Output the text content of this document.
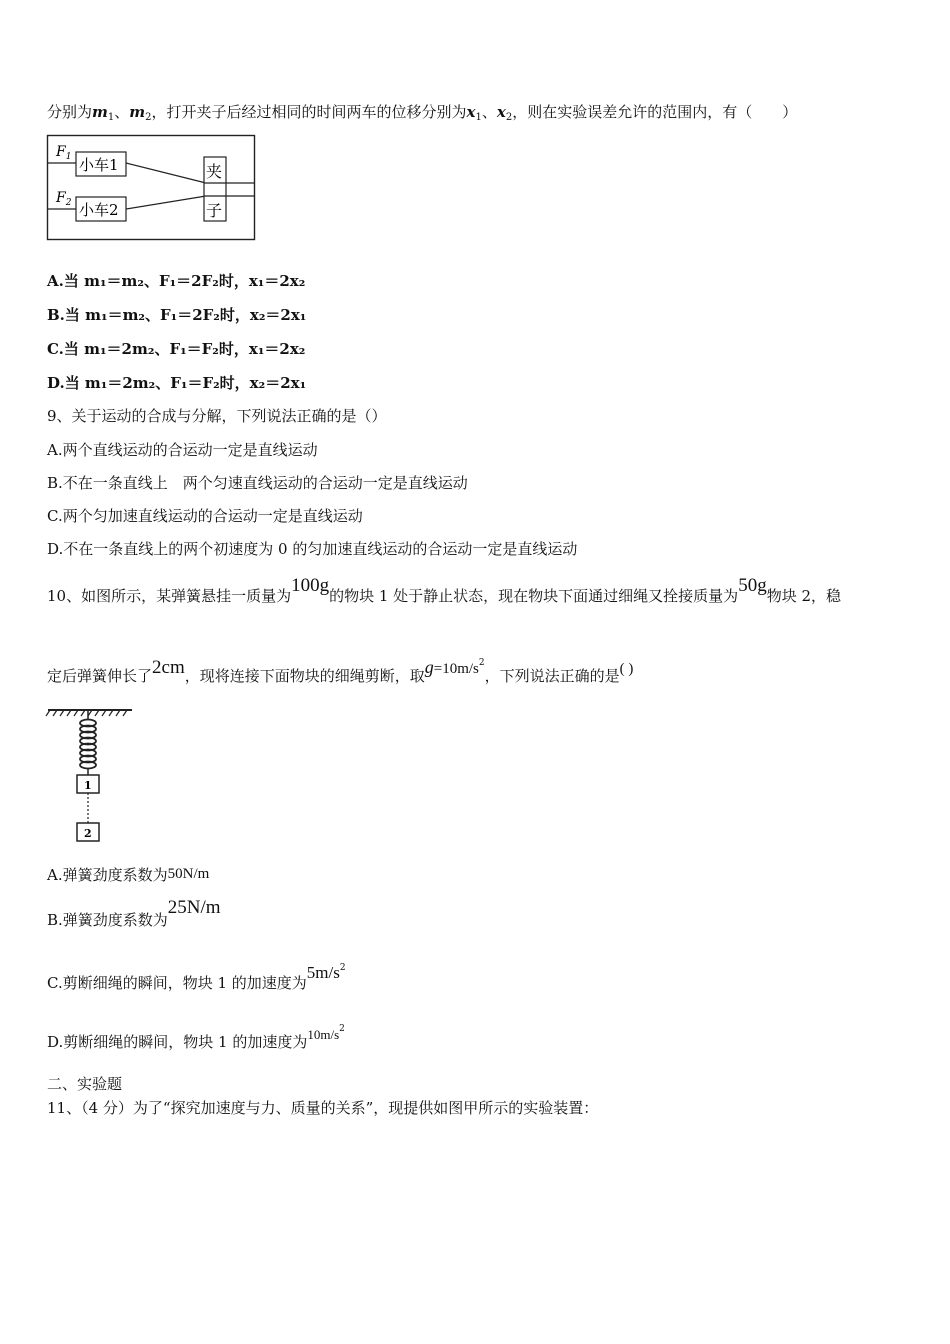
分别为$m_1$、$m_2$，打开夹子后经过相同的时间两车的位移分别为$x_1$、$x_2$，则在实验误差允许的范围内，有（　　）
$F_1$
$F_2$
小车1
小车2
夹
子
A.当 m₁＝m₂、F₁＝2F₂时，x₁＝2x₂
B.当 m₁＝m₂、F₁＝2F₂时，x₂＝2x₁
C.当 m₁＝2m₂、F₁＝F₂时，x₁＝2x₂
D.当 m₁＝2m₂、F₁＝F₂时，x₂＝2x₁
9、关于运动的合成与分解，下列说法正确的是（）
A.两个直线运动的合运动一定是直线运动
B.不在一条直线上　两个匀速直线运动的合运动一定是直线运动
C.两个匀加速直线运动的合运动一定是直线运动
D.不在一条直线上的两个初速度为 0 的匀加速直线运动的合运动一定是直线运动
10、如图所示，某弹簧悬挂一质量为100g的物块 1 处于静止状态，现在物块下面通过细绳又拴接质量为50g物块 2，稳
定后弹簧伸长了2cm，现将连接下面物块的细绳剪断，取$g=10m/s^2$，下列说法正确的是( )
1
2
A.弹簧劲度系数为50N/m
B.弹簧劲度系数为25N/m
C.剪断细绳的瞬间，物块 1 的加速度为$5m/s^2$
D.剪断细绳的瞬间，物块 1 的加速度为$10m/s^2$
二、实验题
11、（4 分）为了“探究加速度与力、质量的关系”，现提供如图甲所示的实验装置：
